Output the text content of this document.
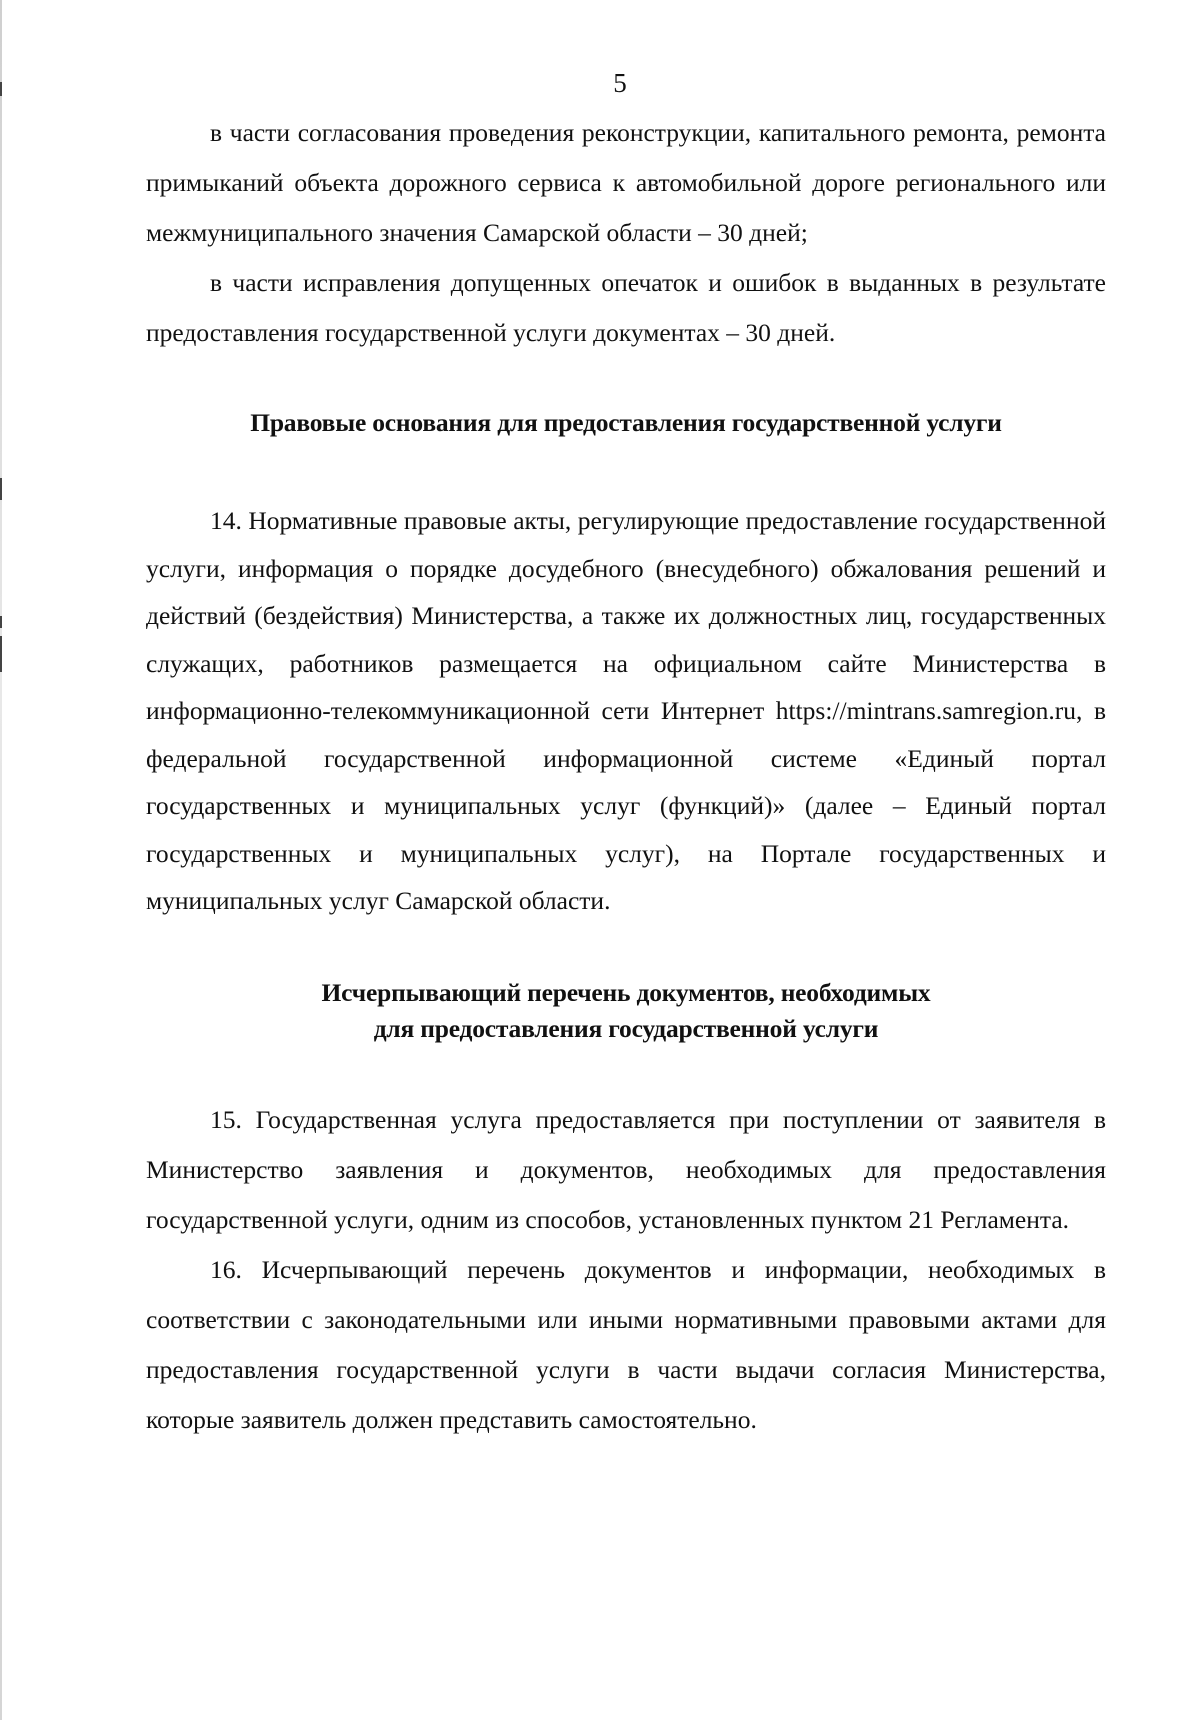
5

в части согласования проведения реконструкции, капитального ремонта, ремонта примыканий объекта дорожного сервиса к автомобильной дороге регионального или межмуниципального значения Самарской области – 30 дней;

в части исправления допущенных опечаток и ошибок в выданных в результате предоставления государственной услуги документах – 30 дней.

Правовые основания для предоставления государственной услуги

14. Нормативные правовые акты, регулирующие предоставление государственной услуги, информация о порядке досудебного (внесудебного) обжалования решений и действий (бездействия) Министерства, а также их должностных лиц, государственных служащих, работников размещается на официальном сайте Министерства в информационно-телекоммуникационной сети Интернет https://mintrans.samregion.ru, в федеральной государственной информационной системе «Единый портал государственных и муниципальных услуг (функций)» (далее – Единый портал государственных и муниципальных услуг), на Портале государственных и муниципальных услуг Самарской области.

Исчерпывающий перечень документов, необходимых
для предоставления государственной услуги

15. Государственная услуга предоставляется при поступлении от заявителя в Министерство заявления и документов, необходимых для предоставления государственной услуги, одним из способов, установленных пунктом 21 Регламента.

16. Исчерпывающий перечень документов и информации, необходимых в соответствии с законодательными или иными нормативными правовыми актами для предоставления государственной услуги в части выдачи согласия Министерства, которые заявитель должен представить самостоятельно.
